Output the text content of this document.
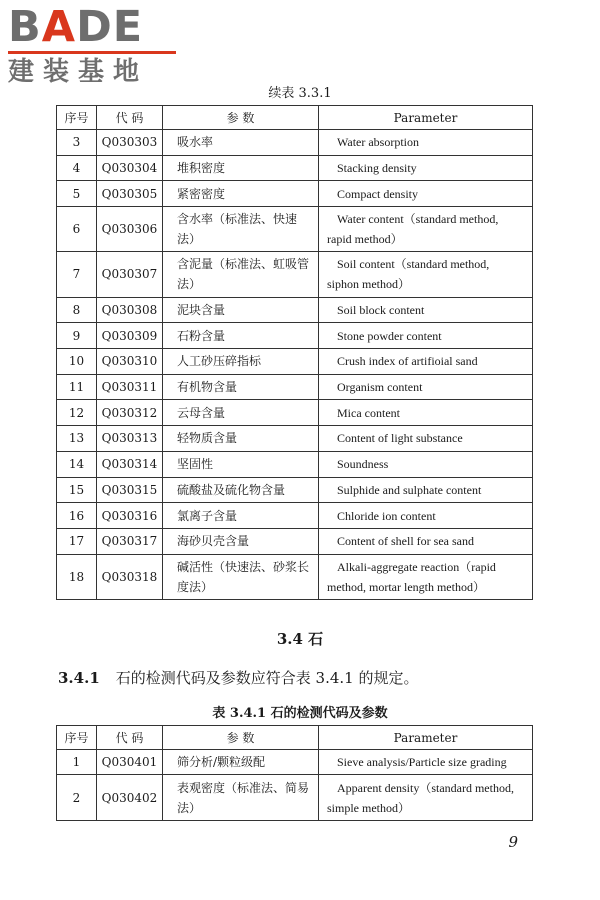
BADE
建装基地
续表 3.3.1
序号	代 码	参 数	Parameter
3	Q030303	吸水率	Water absorption
4	Q030304	堆积密度	Stacking density
5	Q030305	紧密密度	Compact density
6	Q030306	含水率（标准法、快速法）	Water content（standard method, rapid method）
7	Q030307	含泥量（标准法、虹吸管法）	Soil content（standard method, siphon method）
8	Q030308	泥块含量	Soil block content
9	Q030309	石粉含量	Stone powder content
10	Q030310	人工砂压碎指标	Crush index of artifioial sand
11	Q030311	有机物含量	Organism content
12	Q030312	云母含量	Mica content
13	Q030313	轻物质含量	Content of light substance
14	Q030314	坚固性	Soundness
15	Q030315	硫酸盐及硫化物含量	Sulphide and sulphate content
16	Q030316	氯离子含量	Chloride ion content
17	Q030317	海砂贝壳含量	Content of shell for sea sand
18	Q030318	碱活性（快速法、砂浆长度法）	Alkali-aggregate reaction（rapid method, mortar length method）
3.4 石
3.4.1 石的检测代码及参数应符合表 3.4.1 的规定。
表 3.4.1 石的检测代码及参数
序号	代 码	参 数	Parameter
1	Q030401	筛分析/颗粒级配	Sieve analysis/Particle size grading
2	Q030402	表观密度（标准法、简易法）	Apparent density（standard method, simple method）
9
